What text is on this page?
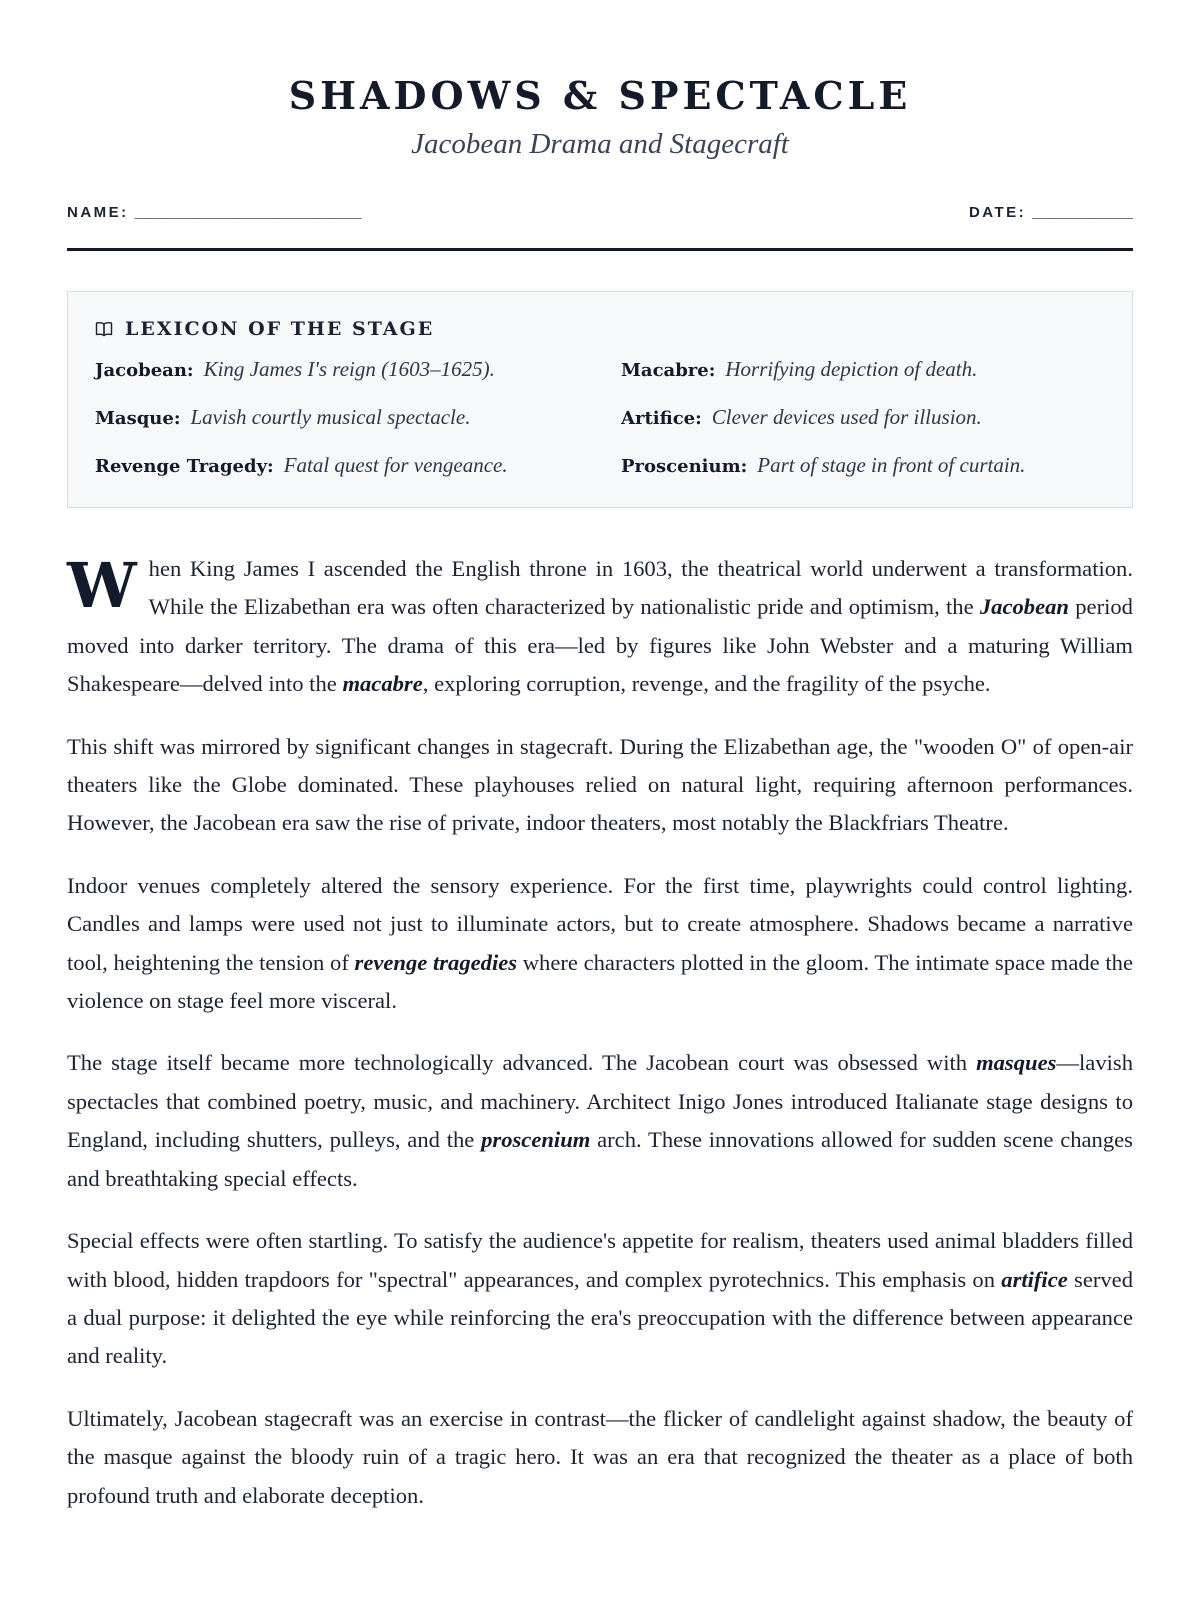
SHADOWS & SPECTACLE
Jacobean Drama and Stagecraft
NAME: ___________________________	DATE: ____________
LEXICON OF THE STAGE
Jacobean: King James I's reign (1603–1625).	Macabre: Horrifying depiction of death.
Masque: Lavish courtly musical spectacle.	Artifice: Clever devices used for illusion.
Revenge Tragedy: Fatal quest for vengeance.	Proscenium: Part of stage in front of curtain.

When King James I ascended the English throne in 1603, the theatrical world underwent a transformation. While the Elizabethan era was often characterized by nationalistic pride and optimism, the Jacobean period moved into darker territory. The drama of this era—led by figures like John Webster and a maturing William Shakespeare—delved into the macabre, exploring corruption, revenge, and the fragility of the psyche.

This shift was mirrored by significant changes in stagecraft. During the Elizabethan age, the "wooden O" of open-air theaters like the Globe dominated. These playhouses relied on natural light, requiring afternoon performances. However, the Jacobean era saw the rise of private, indoor theaters, most notably the Blackfriars Theatre.

Indoor venues completely altered the sensory experience. For the first time, playwrights could control lighting. Candles and lamps were used not just to illuminate actors, but to create atmosphere. Shadows became a narrative tool, heightening the tension of revenge tragedies where characters plotted in the gloom. The intimate space made the violence on stage feel more visceral.

The stage itself became more technologically advanced. The Jacobean court was obsessed with masques—lavish spectacles that combined poetry, music, and machinery. Architect Inigo Jones introduced Italianate stage designs to England, including shutters, pulleys, and the proscenium arch. These innovations allowed for sudden scene changes and breathtaking special effects.

Special effects were often startling. To satisfy the audience's appetite for realism, theaters used animal bladders filled with blood, hidden trapdoors for "spectral" appearances, and complex pyrotechnics. This emphasis on artifice served a dual purpose: it delighted the eye while reinforcing the era's preoccupation with the difference between appearance and reality.

Ultimately, Jacobean stagecraft was an exercise in contrast—the flicker of candlelight against shadow, the beauty of the masque against the bloody ruin of a tragic hero. It was an era that recognized the theater as a place of both profound truth and elaborate deception.
